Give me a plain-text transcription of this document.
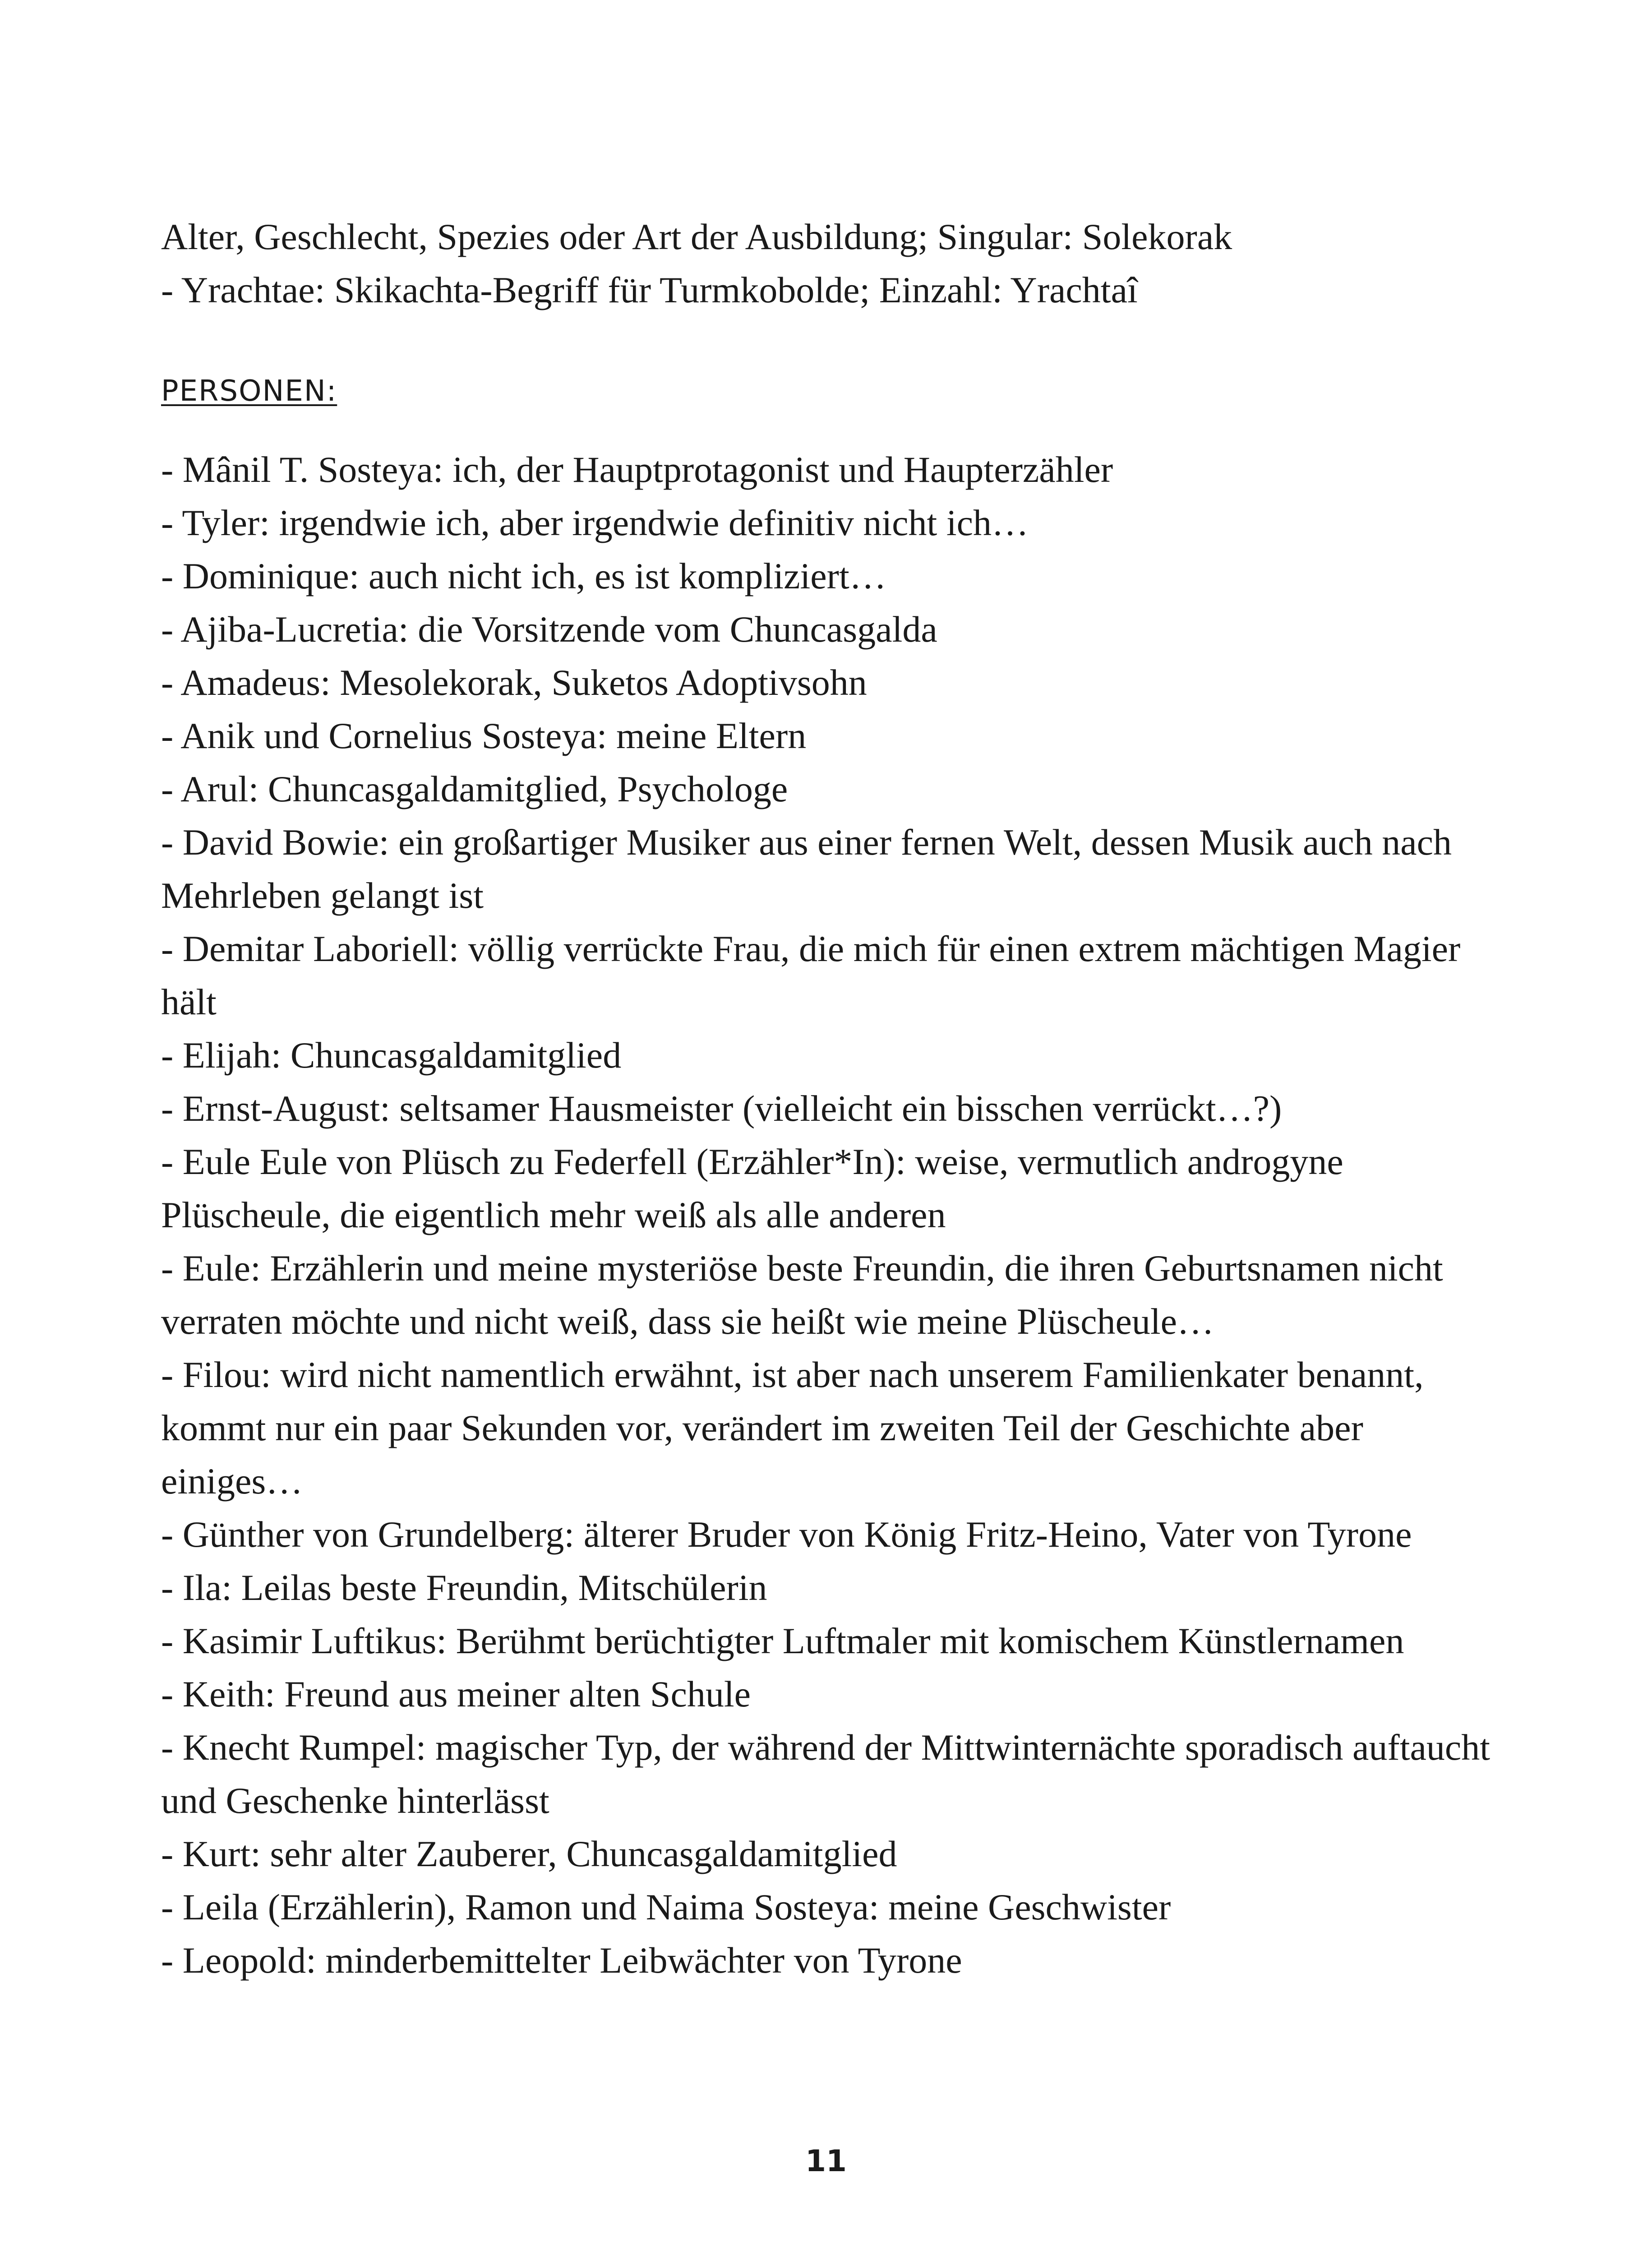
Alter, Geschlecht, Spezies oder Art der Ausbildung; Singular: Solekorak

- Yrachtae: Skikachta-Begriff für Turmkobolde; Einzahl: Yrachtaî

PERSONEN:
- Mânil T. Sosteya: ich, der Hauptprotagonist und Haupterzähler
- Tyler: irgendwie ich, aber irgendwie definitiv nicht ich…
- Dominique: auch nicht ich, es ist kompliziert…
- Ajiba-Lucretia: die Vorsitzende vom Chuncasgalda
- Amadeus: Mesolekorak, Suketos Adoptivsohn
- Anik und Cornelius Sosteya: meine Eltern
- Arul: Chuncasgaldamitglied, Psychologe
- David Bowie: ein großartiger Musiker aus einer fernen Welt, dessen Musik auch nach Mehrleben gelangt ist
- Demitar Laboriell: völlig verrückte Frau, die mich für einen extrem mächtigen Magier hält
- Elijah: Chuncasgaldamitglied
- Ernst-August: seltsamer Hausmeister (vielleicht ein bisschen verrückt…?)
- Eule Eule von Plüsch zu Federfell (Erzähler*In): weise, vermutlich androgyne Plüscheule, die eigentlich mehr weiß als alle anderen
- Eule: Erzählerin und meine mysteriöse beste Freundin, die ihren Geburtsnamen nicht verraten möchte und nicht weiß, dass sie heißt wie meine Plüscheule…
- Filou: wird nicht namentlich erwähnt, ist aber nach unserem Familienkater benannt, kommt nur ein paar Sekunden vor, verändert im zweiten Teil der Geschichte aber einiges…
- Günther von Grundelberg: älterer Bruder von König Fritz-Heino, Vater von Tyrone
- Ila: Leilas beste Freundin, Mitschülerin
- Kasimir Luftikus: Berühmt berüchtigter Luftmaler mit komischem Künstlernamen
- Keith: Freund aus meiner alten Schule
- Knecht Rumpel: magischer Typ, der während der Mittwinternächte sporadisch auftaucht und Geschenke hinterlässt
- Kurt: sehr alter Zauberer, Chuncasgaldamitglied
- Leila (Erzählerin), Ramon und Naima Sosteya: meine Geschwister
- Leopold: minderbemittelter Leibwächter von Tyrone
11
